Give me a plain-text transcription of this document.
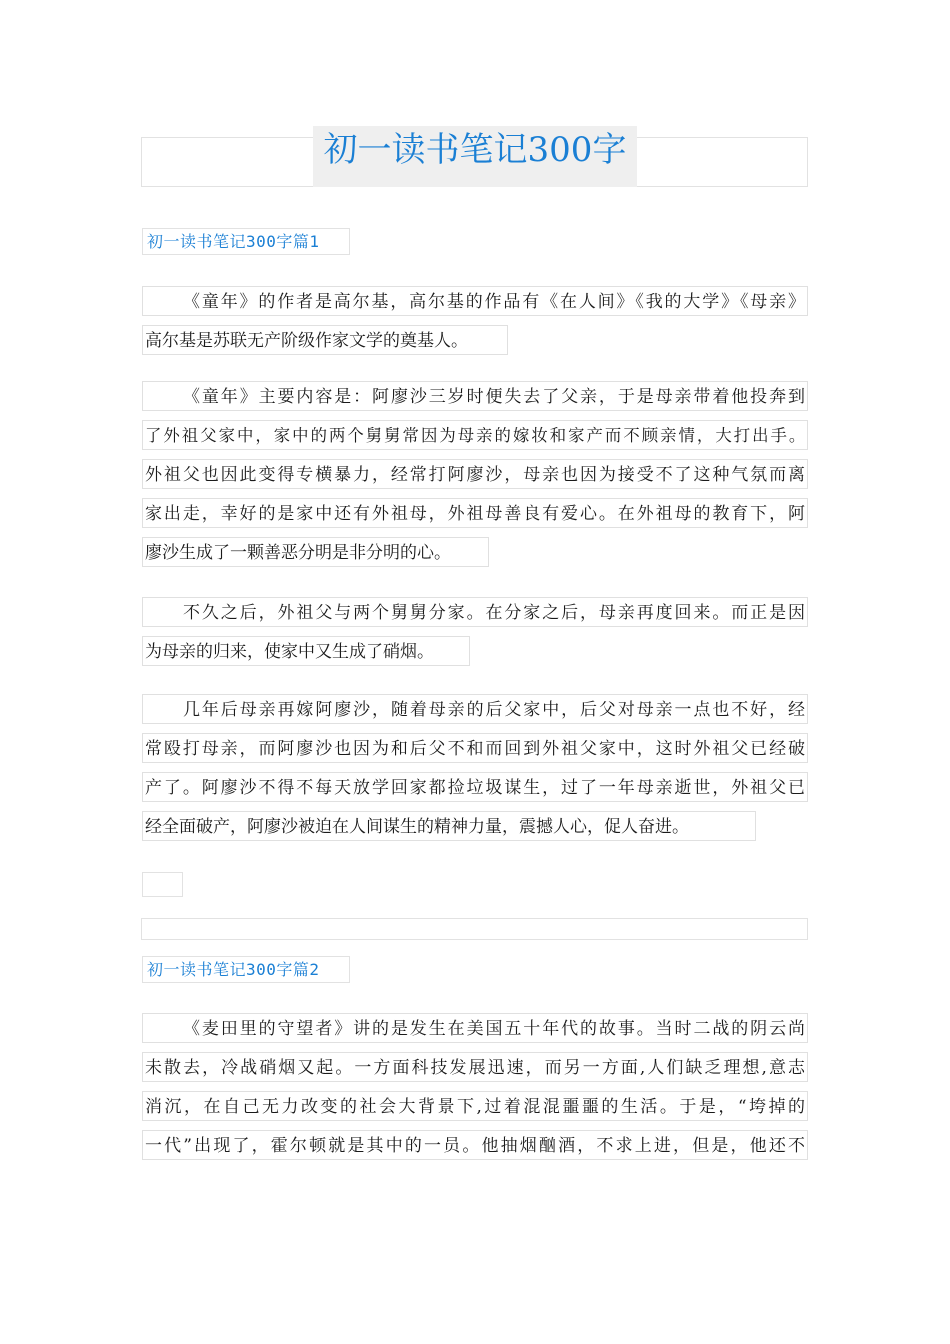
初一读书笔记300字
初一读书笔记300字篇1
《童年》的作者是高尔基，高尔基的作品有《在人间》《我的大学》《母亲》
高尔基是苏联无产阶级作家文学的奠基人。
《童年》主要内容是：阿廖沙三岁时便失去了父亲，于是母亲带着他投奔到
了外祖父家中，家中的两个舅舅常因为母亲的嫁妆和家产而不顾亲情，大打出手。
外祖父也因此变得专横暴力，经常打阿廖沙，母亲也因为接受不了这种气氛而离
家出走，幸好的是家中还有外祖母，外祖母善良有爱心。在外祖母的教育下，阿
廖沙生成了一颗善恶分明是非分明的心。
不久之后，外祖父与两个舅舅分家。在分家之后，母亲再度回来。而正是因
为母亲的归来，使家中又生成了硝烟。
几年后母亲再嫁阿廖沙，随着母亲的后父家中，后父对母亲一点也不好，经
常殴打母亲，而阿廖沙也因为和后父不和而回到外祖父家中，这时外祖父已经破
产了。阿廖沙不得不每天放学回家都捡垃圾谋生，过了一年母亲逝世，外祖父已
经全面破产，阿廖沙被迫在人间谋生的精神力量，震撼人心，促人奋进。
初一读书笔记300字篇2
《麦田里的守望者》讲的是发生在美国五十年代的故事。当时二战的阴云尚
未散去，冷战硝烟又起。一方面科技发展迅速，而另一方面,人们缺乏理想,意志
消沉，在自己无力改变的社会大背景下,过着混混噩噩的生活。于是，“垮掉的
一代”出现了，霍尔顿就是其中的一员。他抽烟酗酒，不求上进，但是，他还不
